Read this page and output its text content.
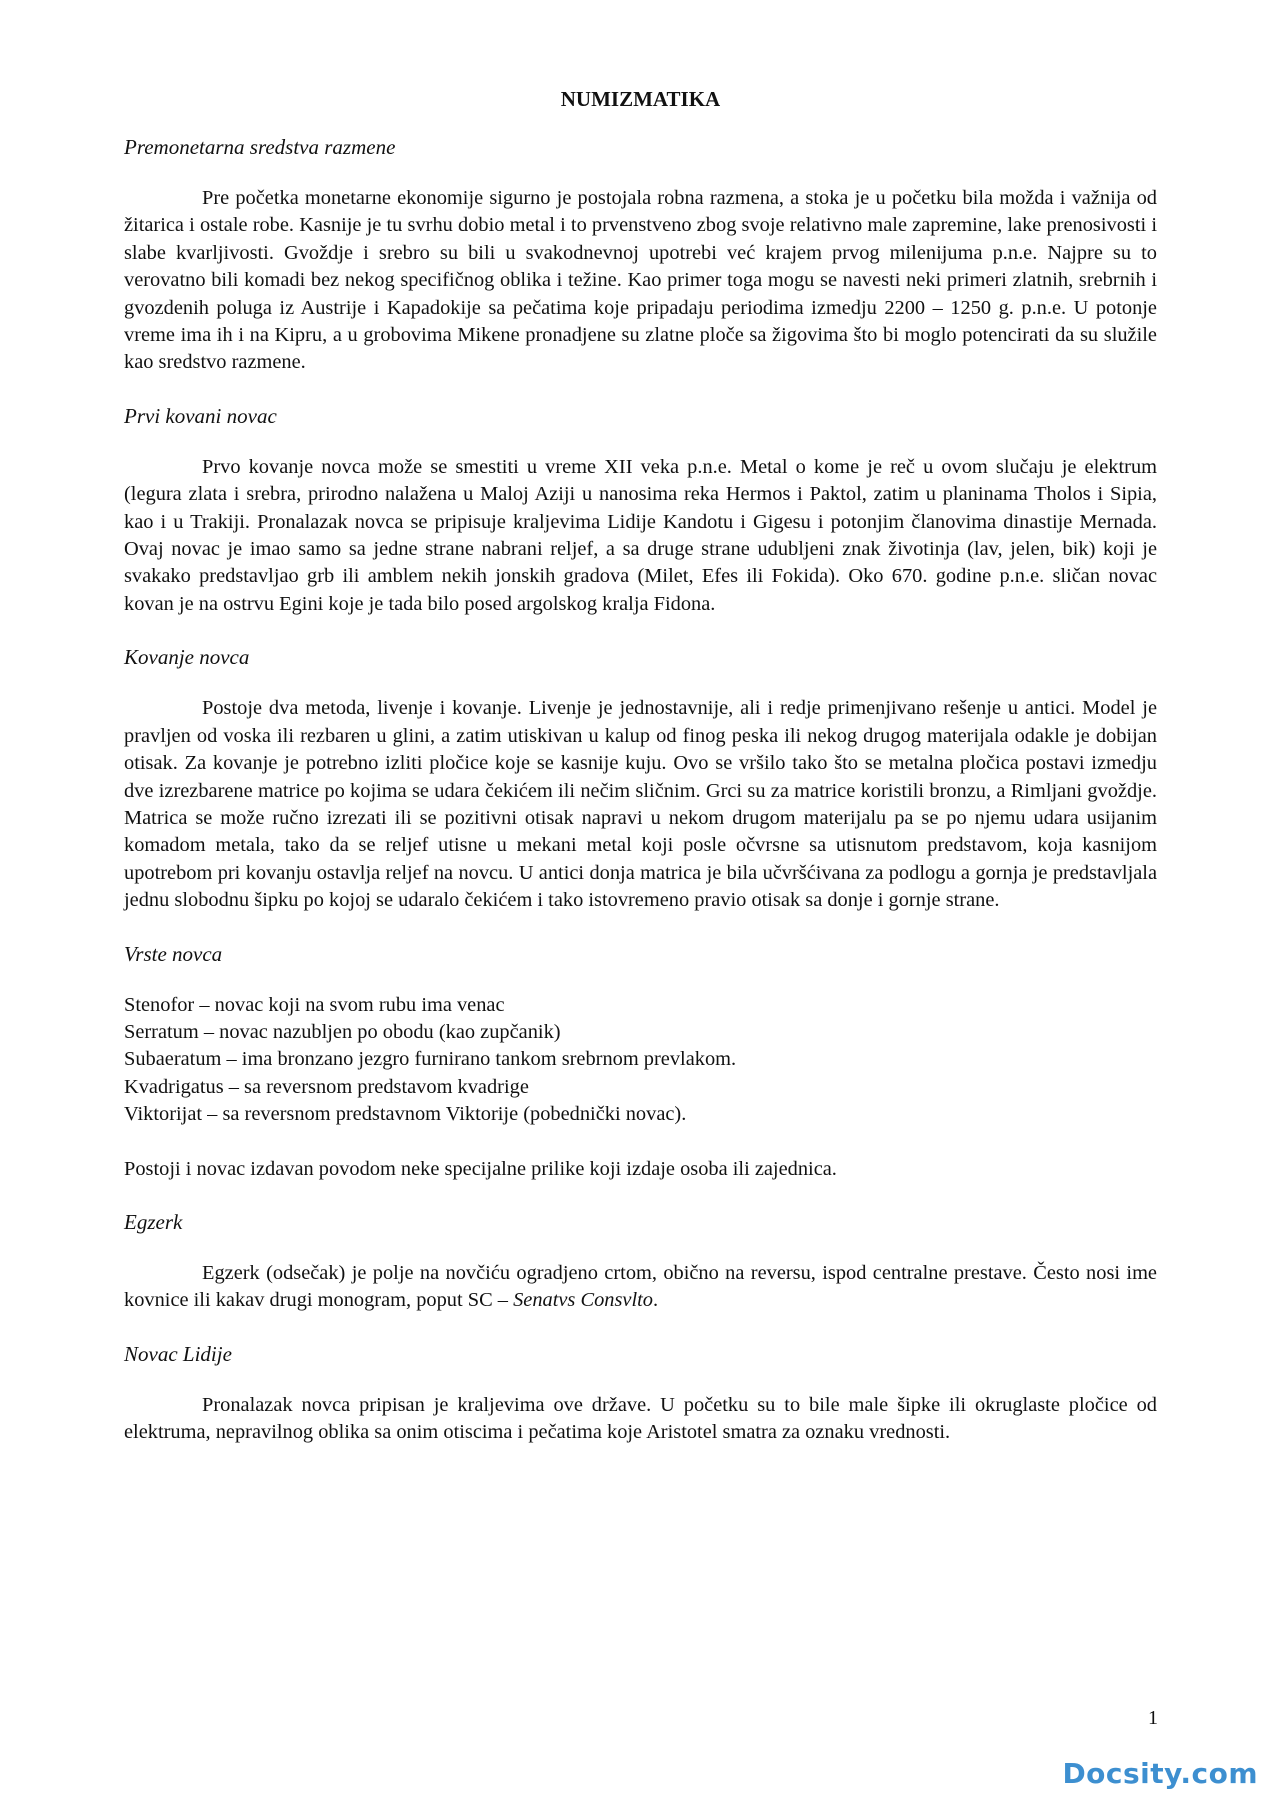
NUMIZMATIKA
Premonetarna sredstva razmene

Pre početka monetarne ekonomije sigurno je postojala robna razmena, a stoka je u početku bila možda i važnija od žitarica i ostale robe. Kasnije je tu svrhu dobio metal i to prvenstveno zbog svoje relativno male zapremine, lake prenosivosti i slabe kvarljivosti. Gvoždje i srebro su bili u svakodnevnoj upotrebi već krajem prvog milenijuma p.n.e. Najpre su to verovatno bili komadi bez nekog specifičnog oblika i težine. Kao primer toga mogu se navesti neki primeri zlatnih, srebrnih i gvozdenih poluga iz Austrije i Kapadokije sa pečatima koje pripadaju periodima izmedju 2200 – 1250 g. p.n.e. U potonje vreme ima ih i na Kipru, a u grobovima Mikene pronadjene su zlatne ploče sa žigovima što bi moglo potencirati da su služile kao sredstvo razmene.

Prvi kovani novac

Prvo kovanje novca može se smestiti u vreme XII veka p.n.e. Metal o kome je reč u ovom slučaju je elektrum (legura zlata i srebra, prirodno nalažena u Maloj Aziji u nanosima reka Hermos i Paktol, zatim u planinama Tholos i Sipia, kao i u Trakiji. Pronalazak novca se pripisuje kraljevima Lidije Kandotu i Gigesu i potonjim članovima dinastije Mernada. Ovaj novac je imao samo sa jedne strane nabrani reljef, a sa druge strane udubljeni znak životinja (lav, jelen, bik) koji je svakako predstavljao grb ili amblem nekih jonskih gradova (Milet, Efes ili Fokida). Oko 670. godine p.n.e. sličan novac kovan je na ostrvu Egini koje je tada bilo posed argolskog kralja Fidona.

Kovanje novca

Postoje dva metoda, livenje i kovanje. Livenje je jednostavnije, ali i redje primenjivano rešenje u antici. Model je pravljen od voska ili rezbaren u glini, a zatim utiskivan u kalup od finog peska ili nekog drugog materijala odakle je dobijan otisak. Za kovanje je potrebno izliti pločice koje se kasnije kuju. Ovo se vršilo tako što se metalna pločica postavi izmedju dve izrezbarene matrice po kojima se udara čekićem ili nečim sličnim. Grci su za matrice koristili bronzu, a Rimljani gvoždje. Matrica se može ručno izrezati ili se pozitivni otisak napravi u nekom drugom materijalu pa se po njemu udara usijanim komadom metala, tako da se reljef utisne u mekani metal koji posle očvrsne sa utisnutom predstavom, koja kasnijom upotrebom pri kovanju ostavlja reljef na novcu. U antici donja matrica je bila učvršćivana za podlogu a gornja je predstavljala jednu slobodnu šipku po kojoj se udaralo čekićem i tako istovremeno pravio otisak sa donje i gornje strane.

Vrste novca
Stenofor – novac koji na svom rubu ima venac
Serratum – novac nazubljen po obodu (kao zupčanik)
Subaeratum – ima bronzano jezgro furnirano tankom srebrnom prevlakom.
Kvadrigatus – sa reversnom predstavom kvadrige
Viktorijat – sa reversnom predstavnom Viktorije (pobednički novac).

Postoji i novac izdavan povodom neke specijalne prilike koji izdaje osoba ili zajednica.

Egzerk

Egzerk (odsečak) je polje na novčiću ogradjeno crtom, obično na reversu, ispod centralne prestave. Često nosi ime kovnice ili kakav drugi monogram, poput SC – Senatvs Consvlto.

Novac Lidije

Pronalazak novca pripisan je kraljevima ove države. U početku su to bile male šipke ili okruglaste pločice od elektruma, nepravilnog oblika sa onim otiscima i pečatima koje Aristotel smatra za oznaku vrednosti.

1
Docsity.com
